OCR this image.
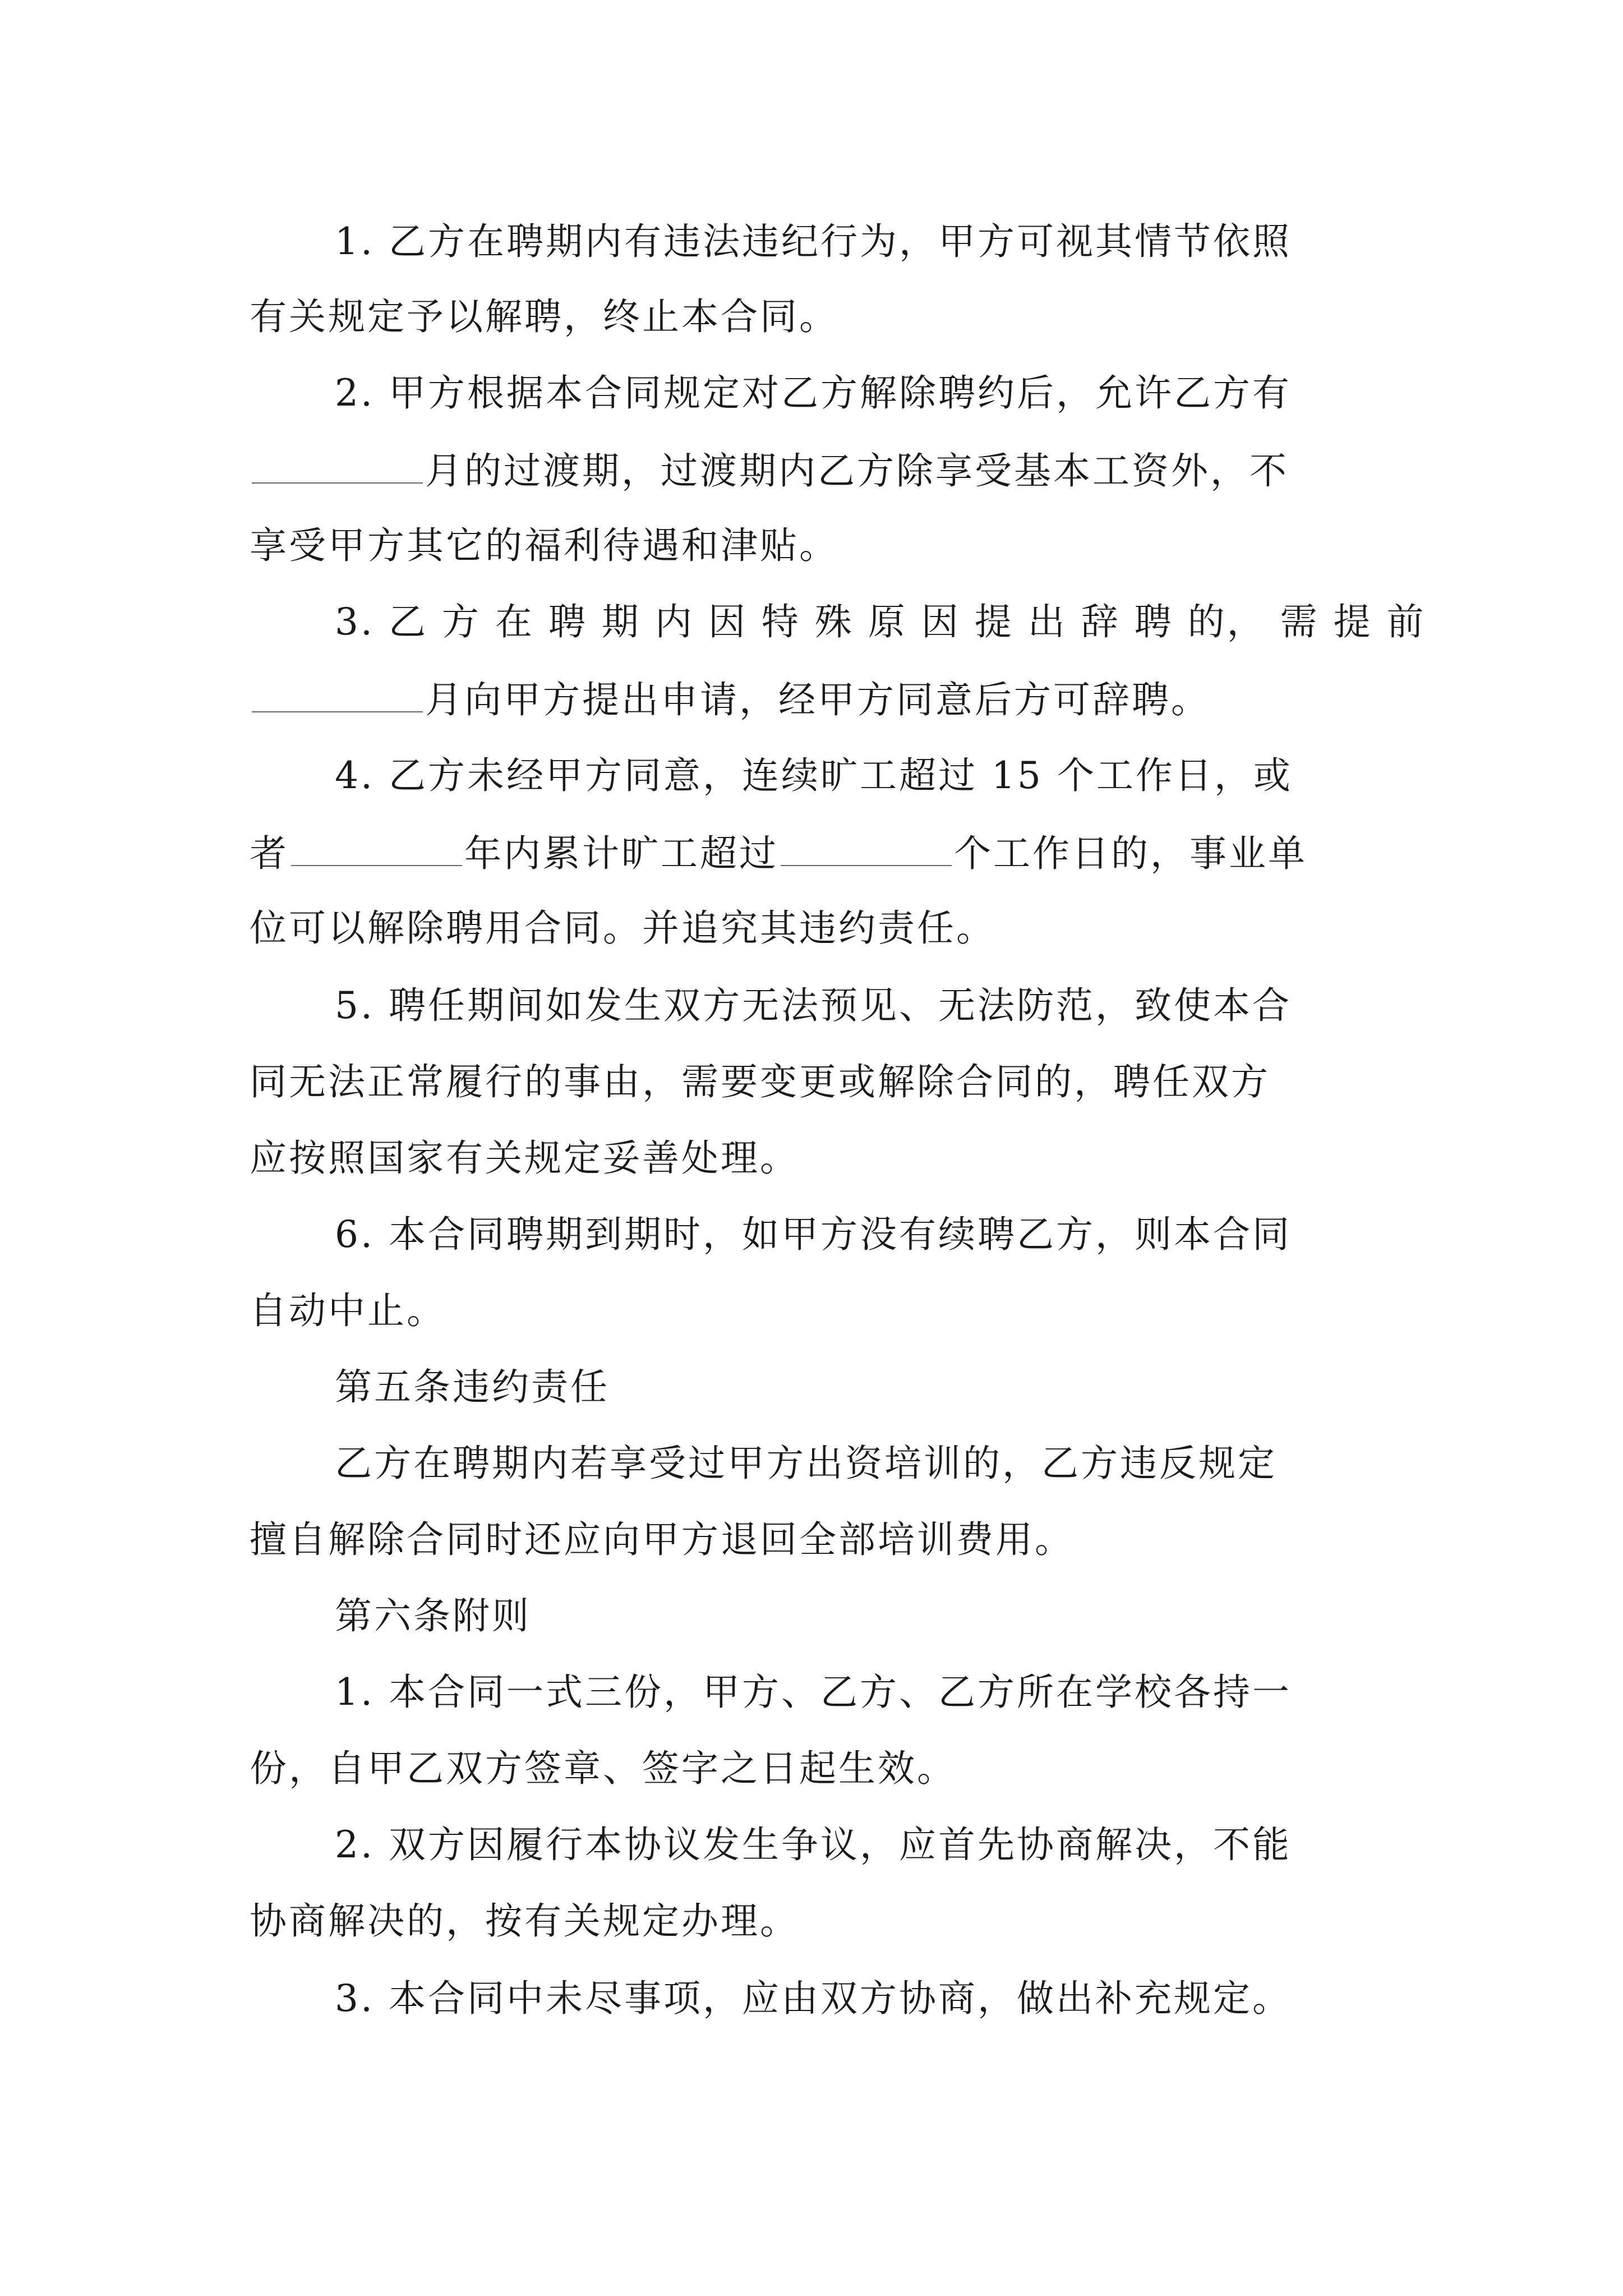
1. 乙方在聘期内有违法违纪行为，甲方可视其情节依照
有关规定予以解聘，终止本合同。
2. 甲方根据本合同规定对乙方解除聘约后，允许乙方有
月的过渡期，过渡期内乙方除享受基本工资外，不
享受甲方其它的福利待遇和津贴。
3. 乙 方 在 聘 期 内 因 特 殊 原 因 提 出 辞 聘 的， 需 提 前
月向甲方提出申请，经甲方同意后方可辞聘。
4. 乙方未经甲方同意，连续旷工超过 15 个工作日，或
者	年内累计旷工超过	个工作日的，事业单
位可以解除聘用合同。并追究其违约责任。
5. 聘任期间如发生双方无法预见、无法防范，致使本合
同无法正常履行的事由，需要变更或解除合同的，聘任双方
应按照国家有关规定妥善处理。
6. 本合同聘期到期时，如甲方没有续聘乙方，则本合同
自动中止。
第五条违约责任
乙方在聘期内若享受过甲方出资培训的，乙方违反规定
擅自解除合同时还应向甲方退回全部培训费用。
第六条附则
1. 本合同一式三份，甲方、乙方、乙方所在学校各持一
份，自甲乙双方签章、签字之日起生效。
2. 双方因履行本协议发生争议，应首先协商解决，不能
协商解决的，按有关规定办理。
3. 本合同中未尽事项，应由双方协商，做出补充规定。
